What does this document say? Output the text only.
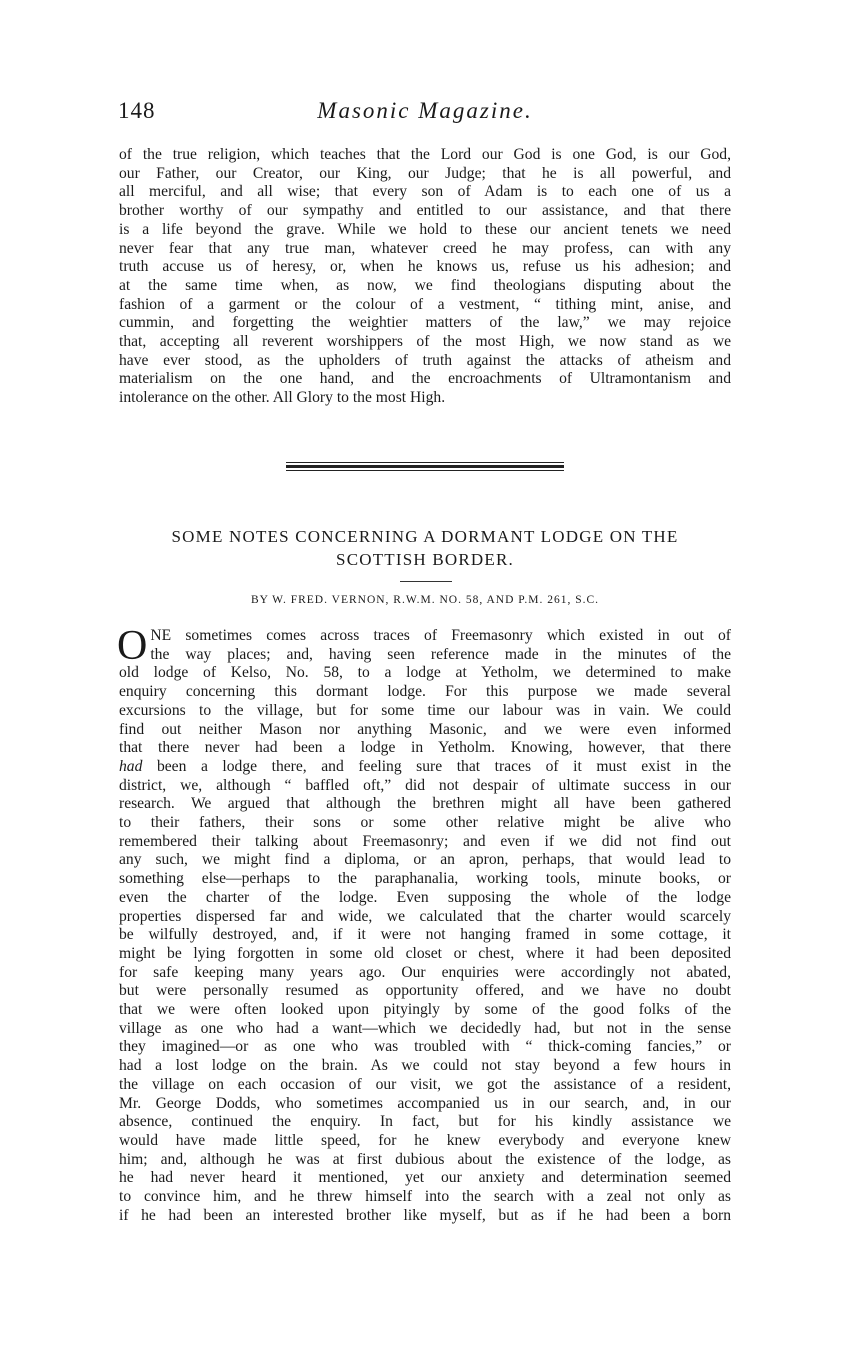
148	Masonic Magazine.
of the true religion, which teaches that the Lord our God is one God, is our God,
our Father, our Creator, our King, our Judge; that he is all powerful, and
all merciful, and all wise; that every son of Adam is to each one of us a
brother worthy of our sympathy and entitled to our assistance, and that there
is a life beyond the grave. While we hold to these our ancient tenets we need
never fear that any true man, whatever creed he may profess, can with any
truth accuse us of heresy, or, when he knows us, refuse us his adhesion; and
at the same time when, as now, we find theologians disputing about the
fashion of a garment or the colour of a vestment, “ tithing mint, anise, and
cummin, and forgetting the weightier matters of the law,” we may rejoice
that, accepting all reverent worshippers of the most High, we now stand as we
have ever stood, as the upholders of truth against the attacks of atheism and
materialism on the one hand, and the encroachments of Ultramontanism and
intolerance on the other. All Glory to the most High.
SOME NOTES CONCERNING A DORMANT LODGE ON THE
SCOTTISH BORDER.
BY W. FRED. VERNON, R.W.M. NO. 58, AND P.M. 261, S.C.
O NE sometimes comes across traces of Freemasonry which existed in out of
the way places; and, having seen reference made in the minutes of the
old lodge of Kelso, No. 58, to a lodge at Yetholm, we determined to make
enquiry concerning this dormant lodge. For this purpose we made several
excursions to the village, but for some time our labour was in vain. We could
find out neither Mason nor anything Masonic, and we were even informed
that there never had been a lodge in Yetholm. Knowing, however, that there
had been a lodge there, and feeling sure that traces of it must exist in the
district, we, although “ baffled oft,” did not despair of ultimate success in our
research. We argued that although the brethren might all have been gathered
to their fathers, their sons or some other relative might be alive who
remembered their talking about Freemasonry; and even if we did not find out
any such, we might find a diploma, or an apron, perhaps, that would lead to
something else—perhaps to the paraphanalia, working tools, minute books, or
even the charter of the lodge. Even supposing the whole of the lodge
properties dispersed far and wide, we calculated that the charter would scarcely
be wilfully destroyed, and, if it were not hanging framed in some cottage, it
might be lying forgotten in some old closet or chest, where it had been deposited
for safe keeping many years ago. Our enquiries were accordingly not abated,
but were personally resumed as opportunity offered, and we have no doubt
that we were often looked upon pityingly by some of the good folks of the
village as one who had a want—which we decidedly had, but not in the sense
they imagined—or as one who was troubled with “ thick-coming fancies,” or
had a lost lodge on the brain. As we could not stay beyond a few hours in
the village on each occasion of our visit, we got the assistance of a resident,
Mr. George Dodds, who sometimes accompanied us in our search, and, in our
absence, continued the enquiry. In fact, but for his kindly assistance we
would have made little speed, for he knew everybody and everyone knew
him; and, although he was at first dubious about the existence of the lodge, as
he had never heard it mentioned, yet our anxiety and determination seemed
to convince him, and he threw himself into the search with a zeal not only as
if he had been an interested brother like myself, but as if he had been a born
